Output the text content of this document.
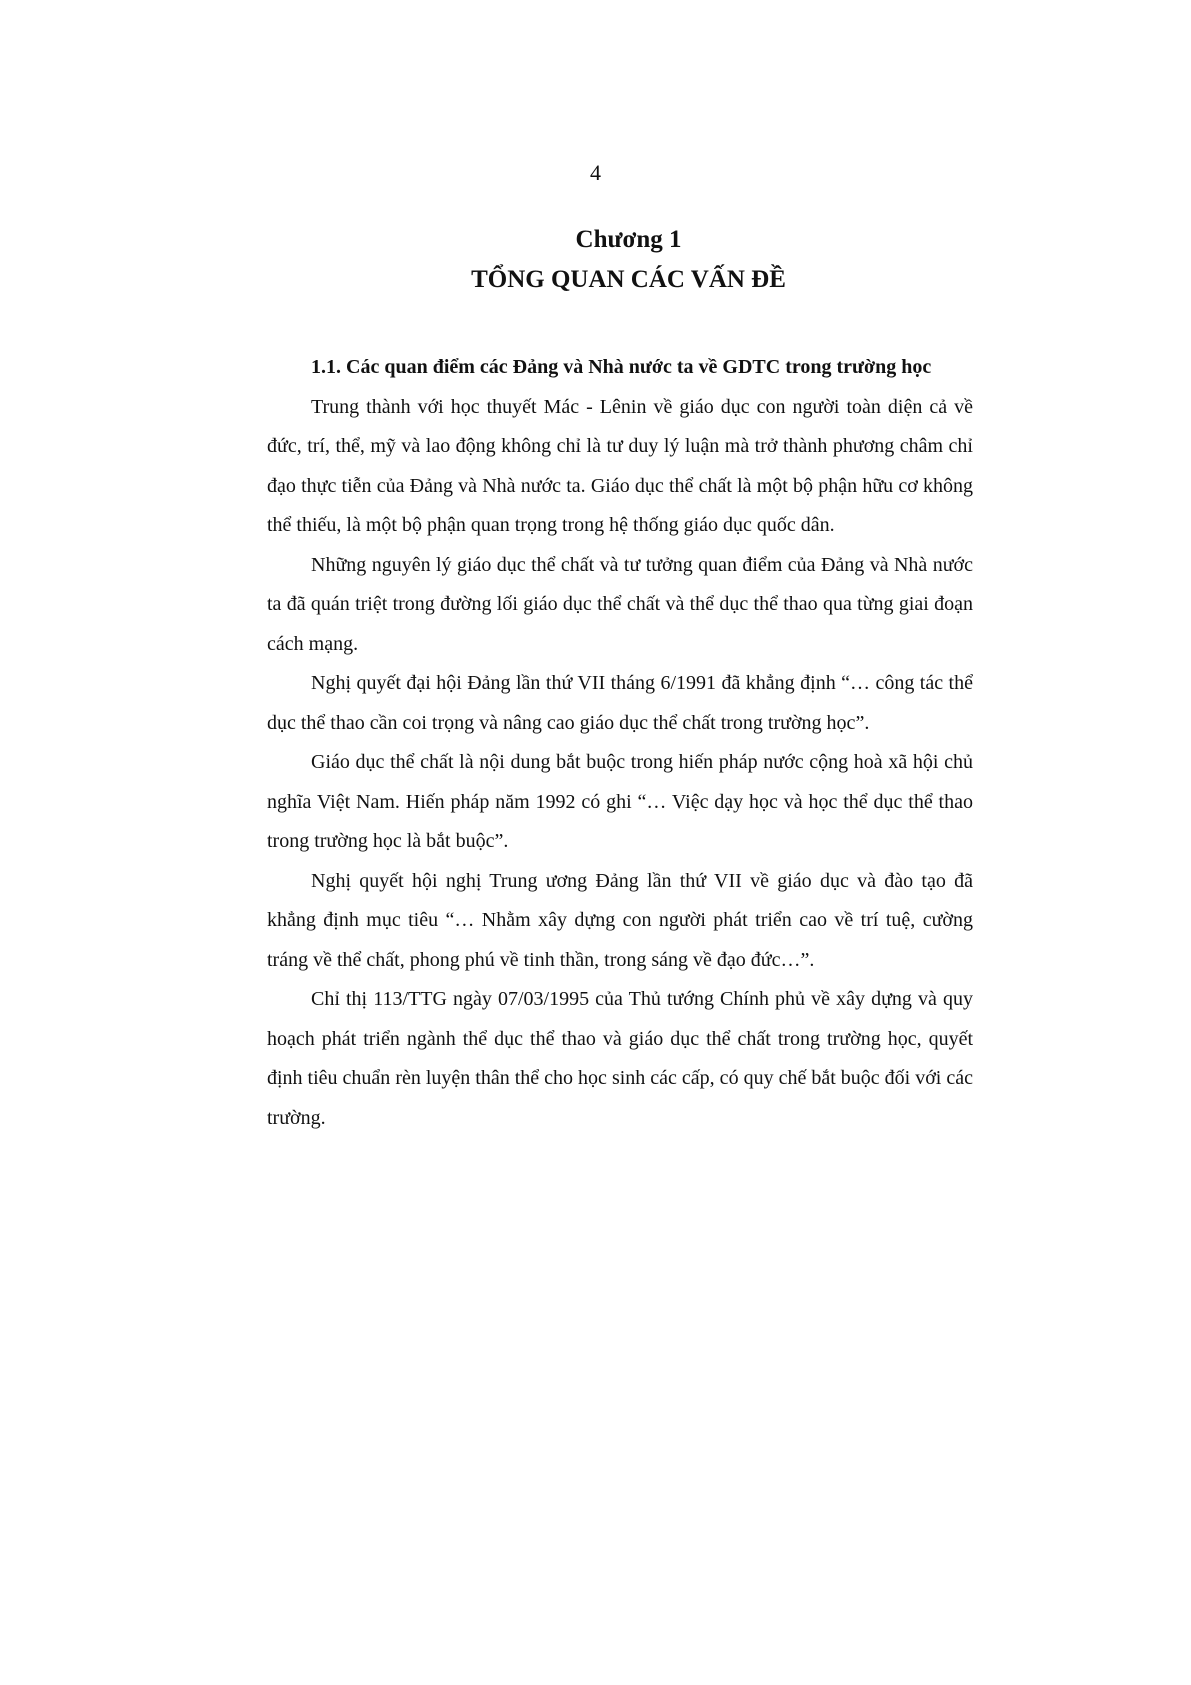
4
Chương 1
TỔNG QUAN CÁC VẤN ĐỀ

1.1. Các quan điểm các Đảng và Nhà nước ta về GDTC trong trường học

Trung thành với học thuyết Mác - Lênin về giáo dục con người toàn diện cả về đức, trí, thể, mỹ và lao động không chỉ là tư duy lý luận mà trở thành phương châm chỉ đạo thực tiễn của Đảng và Nhà nước ta. Giáo dục thể chất là một bộ phận hữu cơ không thể thiếu, là một bộ phận quan trọng trong hệ thống giáo dục quốc dân.

Những nguyên lý giáo dục thể chất và tư tưởng quan điểm của Đảng và Nhà nước ta đã quán triệt trong đường lối giáo dục thể chất và thể dục thể thao qua từng giai đoạn cách mạng.

Nghị quyết đại hội Đảng lần thứ VII tháng 6/1991 đã khẳng định “… công tác thể dục thể thao cần coi trọng và nâng cao giáo dục thể chất trong trường học”.

Giáo dục thể chất là nội dung bắt buộc trong hiến pháp nước cộng hoà xã hội chủ nghĩa Việt Nam. Hiến pháp năm 1992 có ghi “… Việc dạy học và học thể dục thể thao trong trường học là bắt buộc”.

Nghị quyết hội nghị Trung ương Đảng lần thứ VII về giáo dục và đào tạo đã khẳng định mục tiêu “… Nhằm xây dựng con người phát triển cao về trí tuệ, cường tráng về thể chất, phong phú về tinh thần, trong sáng về đạo đức…”.

Chỉ thị 113/TTG ngày 07/03/1995 của Thủ tướng Chính phủ về xây dựng và quy hoạch phát triển ngành thể dục thể thao và giáo dục thể chất trong trường học, quyết định tiêu chuẩn rèn luyện thân thể cho học sinh các cấp, có quy chế bắt buộc đối với các trường.
